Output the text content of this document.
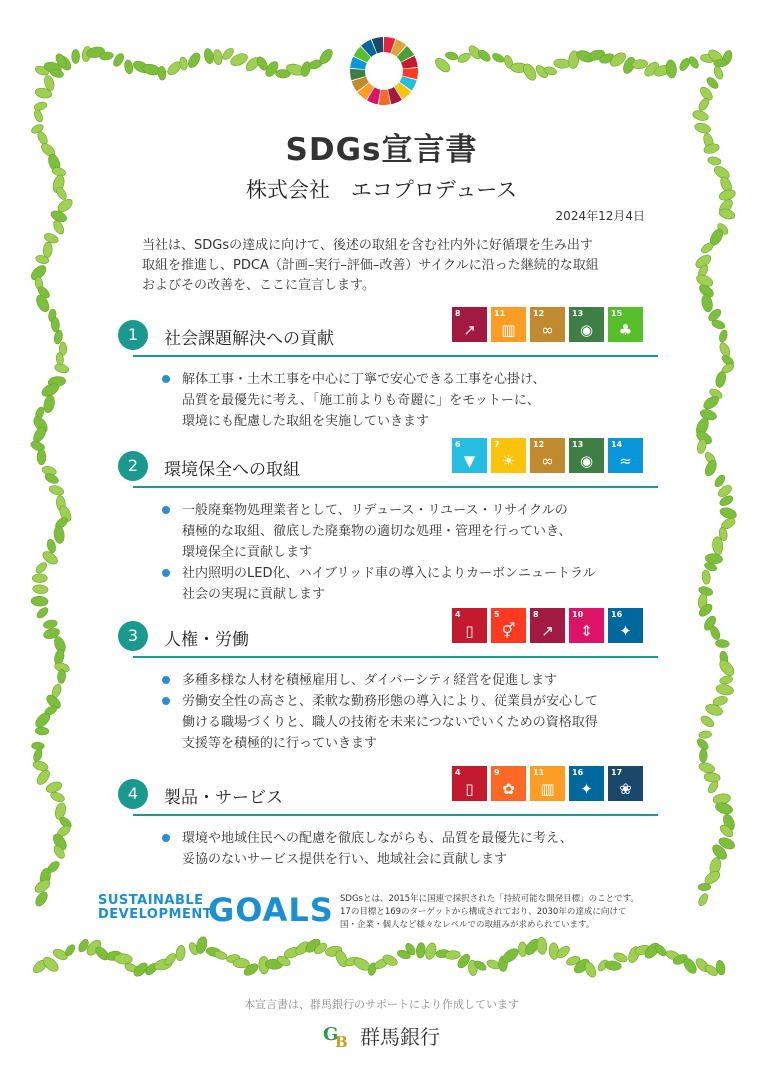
SDGs宣言書
株式会社　エコプロデュース
2024年12月4日
当社は、SDGsの達成に向けて、後述の取組を含む社内外に好循環を生み出す
取組を推進し、PDCA（計画–実行–評価–改善）サイクルに沿った継続的な取組
およびその改善を、ここに宣言します。
1	社会課題解決への貢献
8
↗
11
▥
12
∞
13
◉
15
♣
解体工事・土木工事を中心に丁寧で安心できる工事を心掛け、
品質を最優先に考え、「施工前よりも奇麗に」をモットーに、
環境にも配慮した取組を実施していきます
2	環境保全への取組
6
▼
7
☀
12
∞
13
◉
14
≈
一般廃棄物処理業者として、リデュース・リユース・リサイクルの
積極的な取組、徹底した廃棄物の適切な処理・管理を行っていき、
環境保全に貢献します
社内照明のLED化、ハイブリッド車の導入によりカーボンニュートラル
社会の実現に貢献します
3	人権・労働
4
▯
5
⚥
8
↗
10
⇕
16
✦
多種多様な人材を積極雇用し、ダイバーシティ経営を促進します
労働安全性の高さと、柔軟な勤務形態の導入により、従業員が安心して
働ける職場づくりと、職人の技術を未来につないでいくための資格取得
支援等を積極的に行っていきます
4	製品・サービス
4
▯
9
✿
11
▥
16
✦
17
❀
環境や地域住民への配慮を徹底しながらも、品質を最優先に考え、
妥協のないサービス提供を行い、地域社会に貢献します
SUSTAINABLE
DEVELOPMENT
GOALS SDGsとは、2015年に国連で採択された「持続可能な開発目標」のことです。
17の目標と169のターゲットから構成されており、2030年の達成に向けて
国・企業・個人など様々なレベルでの取組みが求められています。
本宣言書は、群馬銀行のサポートにより作成しています
G
B 群馬銀行
